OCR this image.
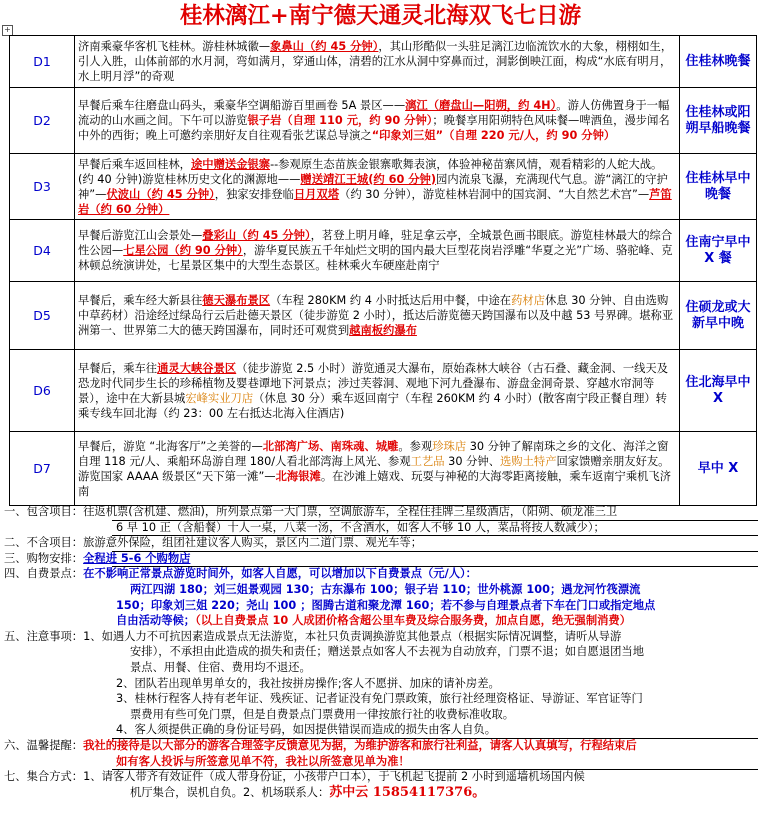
桂林漓江+南宁德天通灵北海双飞七日游
+
D1	济南乘豪华客机飞桂林。游桂林城徽—象鼻山（约 45 分钟），其山形酷似一头驻足漓江边临流饮水的大象，栩栩如生，引人入胜，山体前部的水月洞，弯如满月，穿通山体，清碧的江水从洞中穿鼻而过，洞影倒映江面，构成“水底有明月，水上明月浮”的奇观	住桂林晚餐
D2	早餐后乘车往磨盘山码头，乘豪华空调船游百里画卷 5A 景区——漓江（磨盘山—阳朔，约 4H）。游人仿佛置身于一幅流动的山水画之间。下午可以游览银子岩（自理 110 元，约 90 分钟）；晚餐享用阳朔特色风味餐—啤酒鱼，漫步闻名中外的西街；晚上可邀约亲朋好友自往观看张艺谋总导演之“印象刘三姐”（自理 220 元/人，约 90 分钟）	住桂林或阳朔早船晚餐
D3	早餐后乘车返回桂林，途中赠送金银寨--参观原生态苗族金银寨歌舞表演，体验神秘苗寨风情，观看精彩的人蛇大战。(约 40 分钟)游览桂林历史文化的渊源地——赠送靖江王城(约 60 分钟)园内流泉飞瀑，充满现代气息。游“漓江的守护神”—伏波山（约 45 分钟），独家安排登临日月双塔（约 30 分钟），游览桂林岩洞中的国宾洞、“大自然艺术宫”—芦笛岩（约 60 分钟）	住桂林早中晚餐
D4	早餐后游览江山会景处—叠彩山（约 45 分钟），茗登上明月峰，驻足拿云亭，全城景色画书眼底。游览桂林最大的综合性公园—七星公园（约 90 分钟），游华夏民族五千年灿烂文明的国内最大巨型花岗岩浮雕“华夏之光”广场、骆驼峰、克林顿总统演讲处，七星景区集中的大型生态景区。桂林乘火车硬座赴南宁	住南宁早中 X 餐
D5	早餐后，乘车经大新县往德天瀑布景区（车程 280KM 约 4 小时抵达后用中餐，中途在药材店休息 30 分钟、自由选购中草药材）沿途经过绿岛行云后赴德天景区（徒步游览 2 小时），抵达后游览德天跨国瀑布以及中越 53 号界碑。堪称亚洲第一、世界第二大的德天跨国瀑布，同时还可观赏到越南板约瀑布	住硕龙或大新早中晚
D6	早餐后，乘车往通灵大峡谷景区（徒步游览 2.5 小时）游览通灵大瀑布，原始森林大峡谷（古石叠、藏金洞、一线天及恐龙时代同步生长的珍稀植物及婴巷谭地下河景点；涉过芙蓉洞、观地下河九叠瀑布、游盘金洞奇景、穿越水帘洞等景），途中在大新县城宏峰实业刀店（休息 30 分）乘车返回南宁（车程 260KM 约 4 小时）(散客南宁段正餐自理）转乘专线车回北海（约 23：00 左右抵达北海入住酒店)	住北海早中 X
D7	早餐后，游览 “北海客厅”之美誉的—北部湾广场、南珠魂、城雕。参观珍珠店 30 分钟了解南珠之乡的文化、海洋之窗自理 118 元/人、乘船环岛游自理 180/人看北部湾海上风光、参观工艺品 30 分钟、选购土特产回家馈赠亲朋友好友。游览国家 AAAA 级景区“天下第一滩”—北海银滩。在沙滩上嬉戏、玩耍与神秘的大海零距离接触，乘车返南宁乘机飞济南	早中 X
一、包含项目：往返机票(含机建、燃油)，所列景点第一大门票，空调旅游车，全程住挂牌三星级酒店，（阳朔、硕龙准三卫
6 早 10 正（含船餐）十人一桌，八菜一汤，不含酒水，如客人不够 10 人，菜品将按人数减少）；
二、不含项目：旅游意外保险，组团社建议客人购买，景区内二道门票、观光车等；
三、购物安排：全程进 5-6 个购物店
四、自费景点：在不影响正常景点游览时间外，如客人自愿，可以增加以下自费景点（元/人）：
两江四湖 180；刘三姐景观园 130；古东瀑布 100；银子岩 110；世外桃源 100；遇龙河竹筏漂流
150；印象刘三姐 220；尧山 100 ；图腾古道和聚龙潭 160；若不参与自理景点者下车在门口或指定地点
自由活动等候；（以上自费景点 10 人成团价格含超公里车费及综合服务费，加点自愿，绝无强制消费）
五、注意事项：1、如遇人力不可抗因素造成景点无法游览，本社只负责调换游览其他景点（根据实际情况调整，请听从导游
安排），不承担由此造成的损失和责任；赠送景点如客人不去视为自动放弃，门票不退；如自愿退团当地
景点、用餐、住宿、费用均不退还。
2、团队若出现单男单女的，我社按拼房操作;客人不愿拼、加床的请补房差。
3、桂林行程客人持有老年证、残疾证、记者证没有免门票政策，旅行社经理资格证、导游证、军官证等门
票费用有些可免门票，但是自费景点门票费用一律按旅行社的收费标准收取。
4、客人须提供正确的身份证号码，如因提供错误而造成的损失由客人自负。
六、温馨提醒：我社的接待是以大部分的游客合理签字反馈意见为据，为维护游客和旅行社利益，请客人认真填写，行程结束后
如有客人投诉与所签意见单不符，我社以所签意见单为准！
七、集合方式：1、请客人带齐有效证件（成人带身份证，小孩带户口本），于飞机起飞提前 2 小时到遥墙机场国内候
机厅集合，误机自负。2、机场联系人：苏中云 15854117376。
